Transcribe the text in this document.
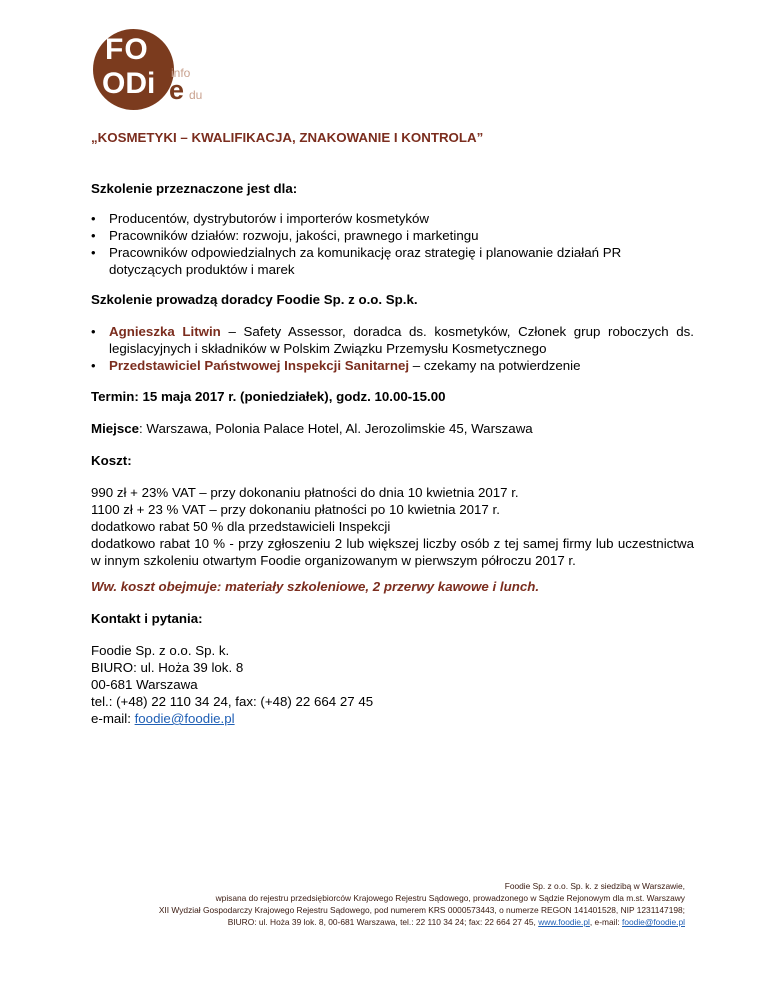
FO
ODi e
info
du
„KOSMETYKI – KWALIFIKACJA, ZNAKOWANIE I KONTROLA”
Szkolenie przeznaczone jest dla:
• Producentów, dystrybutorów i importerów kosmetyków
• Pracowników działów: rozwoju, jakości, prawnego i marketingu
• Pracowników odpowiedzialnych za komunikację oraz strategię i planowanie działań PR dotyczących produktów i marek
Szkolenie prowadzą doradcy Foodie Sp. z o.o. Sp.k.
• Agnieszka Litwin – Safety Assessor, doradca ds. kosmetyków, Członek grup roboczych ds. legislacyjnych i składników w Polskim Związku Przemysłu Kosmetycznego
• Przedstawiciel Państwowej Inspekcji Sanitarnej – czekamy na potwierdzenie
Termin: 15 maja 2017 r. (poniedziałek), godz. 10.00-15.00
Miejsce: Warszawa, Polonia Palace Hotel, Al. Jerozolimskie 45, Warszawa
Koszt:
990 zł + 23% VAT – przy dokonaniu płatności do dnia 10 kwietnia 2017 r.
1100 zł + 23 % VAT – przy dokonaniu płatności po 10 kwietnia 2017 r.
dodatkowo rabat 50 % dla przedstawicieli Inspekcji
dodatkowo rabat 10 % - przy zgłoszeniu 2 lub większej liczby osób z tej samej firmy lub uczestnictwa w innym szkoleniu otwartym Foodie organizowanym w pierwszym półroczu 2017 r.
Ww. koszt obejmuje: materiały szkoleniowe, 2 przerwy kawowe i lunch.
Kontakt i pytania:
Foodie Sp. z o.o. Sp. k.
BIURO: ul. Hoża 39 lok. 8
00-681 Warszawa
tel.: (+48) 22 110 34 24, fax: (+48) 22 664 27 45
e-mail: foodie@foodie.pl
Foodie Sp. z o.o. Sp. k. z siedzibą w Warszawie,
wpisana do rejestru przedsiębiorców Krajowego Rejestru Sądowego, prowadzonego w Sądzie Rejonowym dla m.st. Warszawy
XII Wydział Gospodarczy Krajowego Rejestru Sądowego, pod numerem KRS 0000573443, o numerze REGON 141401528, NIP 1231147198;
BIURO: ul. Hoża 39 lok. 8, 00-681 Warszawa, tel.: 22 110 34 24; fax: 22 664 27 45, www.foodie.pl, e-mail: foodie@foodie.pl
